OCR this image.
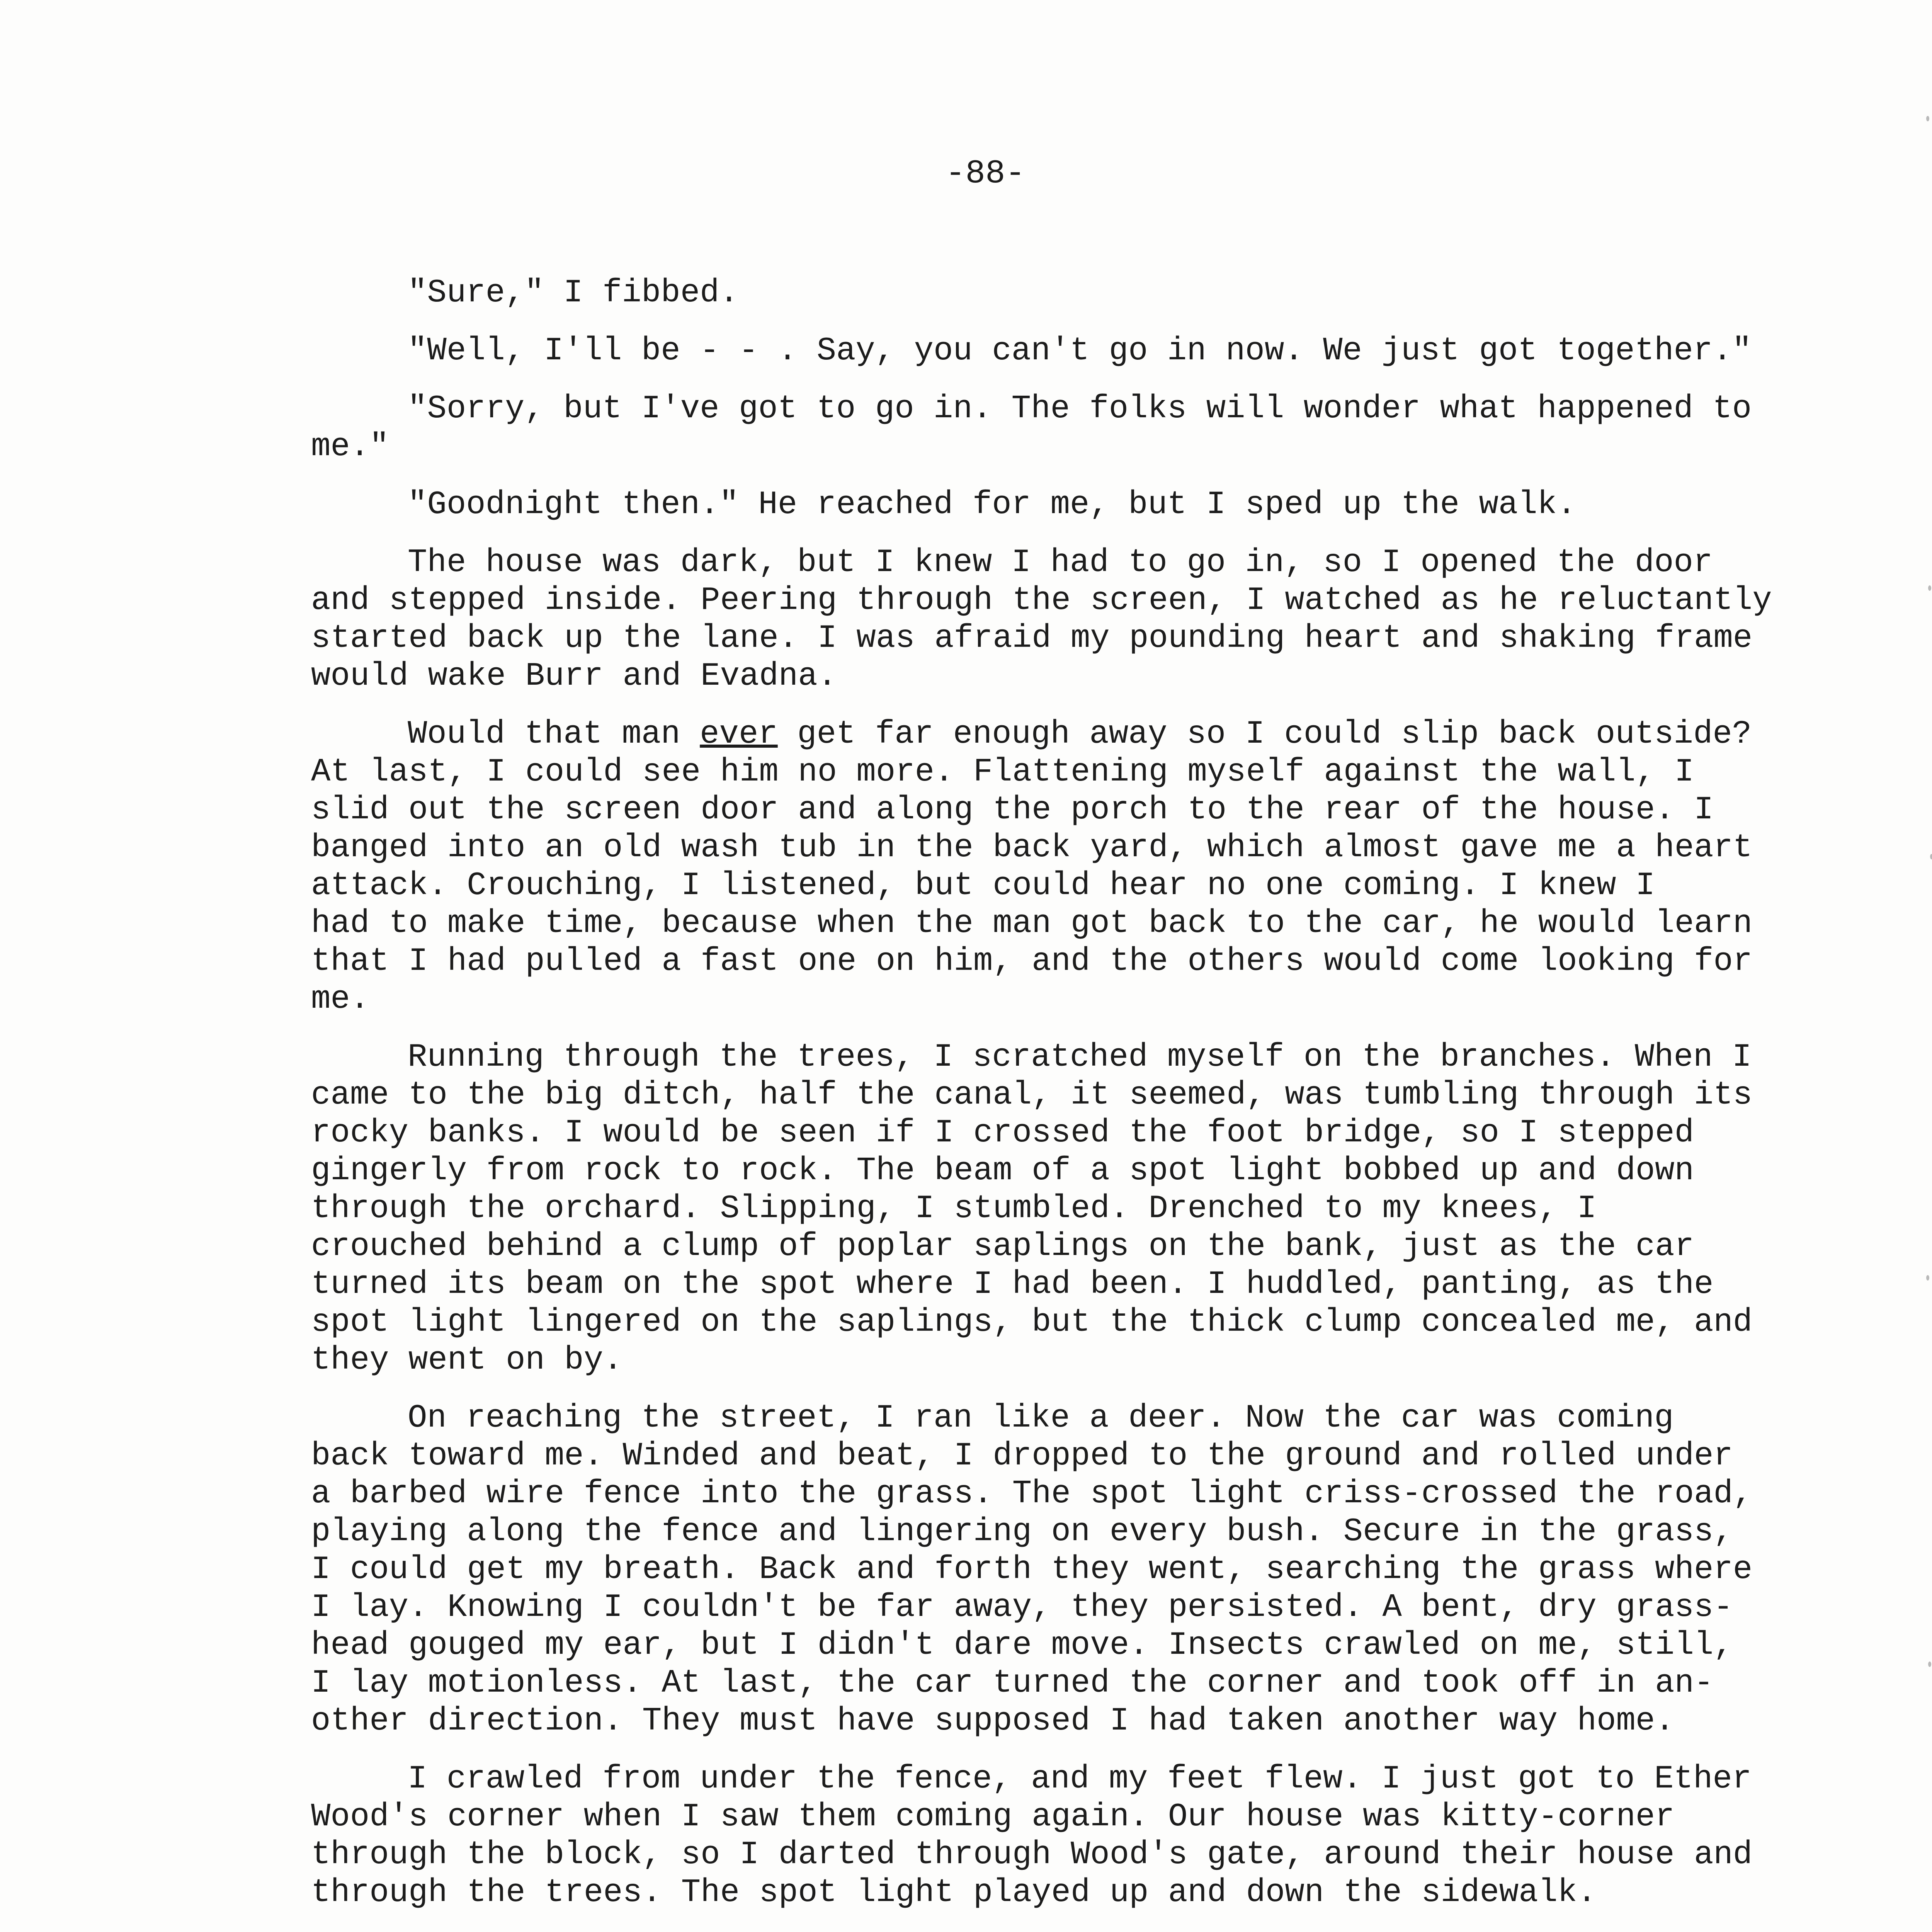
-88-

"Sure," I fibbed.

"Well, I'll be - - . Say, you can't go in now. We just got together."

"Sorry, but I've got to go in. The folks will wonder what happened to
me."

"Goodnight then." He reached for me, but I sped up the walk.

The house was dark, but I knew I had to go in, so I opened the door
and stepped inside. Peering through the screen, I watched as he reluctantly
started back up the lane. I was afraid my pounding heart and shaking frame
would wake Burr and Evadna.

Would that man ever get far enough away so I could slip back outside?
At last, I could see him no more. Flattening myself against the wall, I
slid out the screen door and along the porch to the rear of the house. I
banged into an old wash tub in the back yard, which almost gave me a heart
attack. Crouching, I listened, but could hear no one coming. I knew I
had to make time, because when the man got back to the car, he would learn
that I had pulled a fast one on him, and the others would come looking for
me.

Running through the trees, I scratched myself on the branches. When I
came to the big ditch, half the canal, it seemed, was tumbling through its
rocky banks. I would be seen if I crossed the foot bridge, so I stepped
gingerly from rock to rock. The beam of a spot light bobbed up and down
through the orchard. Slipping, I stumbled. Drenched to my knees, I
crouched behind a clump of poplar saplings on the bank, just as the car
turned its beam on the spot where I had been. I huddled, panting, as the
spot light lingered on the saplings, but the thick clump concealed me, and
they went on by.

On reaching the street, I ran like a deer. Now the car was coming
back toward me. Winded and beat, I dropped to the ground and rolled under
a barbed wire fence into the grass. The spot light criss-crossed the road,
playing along the fence and lingering on every bush. Secure in the grass,
I could get my breath. Back and forth they went, searching the grass where
I lay. Knowing I couldn't be far away, they persisted. A bent, dry grass-
head gouged my ear, but I didn't dare move. Insects crawled on me, still,
I lay motionless. At last, the car turned the corner and took off in an-
other direction. They must have supposed I had taken another way home.

I crawled from under the fence, and my feet flew. I just got to Ether
Wood's corner when I saw them coming again. Our house was kitty-corner
through the block, so I darted through Wood's gate, around their house and
through the trees. The spot light played up and down the sidewalk.
